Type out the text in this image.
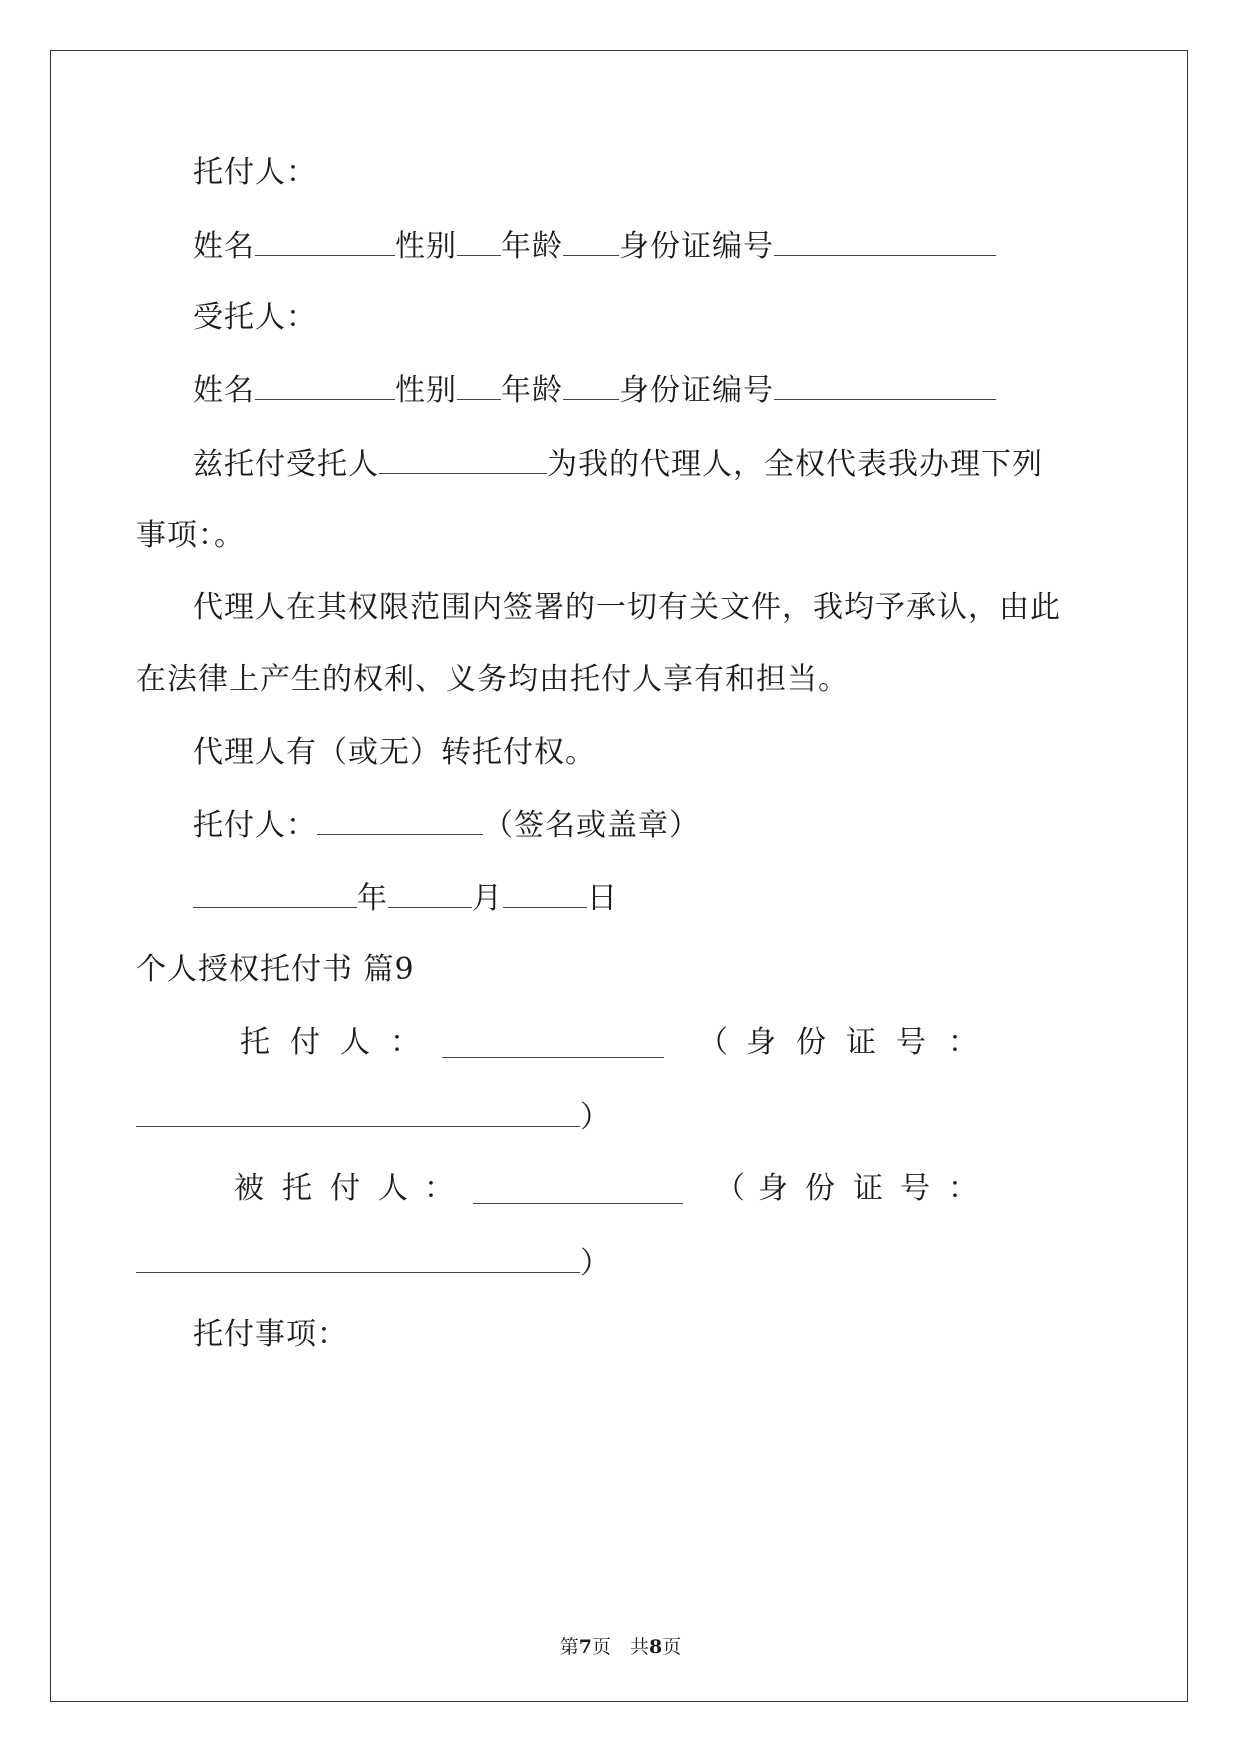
托付人：
姓名	性别 年龄 身份证编号
受托人：
姓名	性别 年龄 身份证编号
兹托付受托人	为我的代理人，全权代表我办理下列
事项：。
代理人在其权限范围内签署的一切有关文件，我均予承认，由此
在法律上产生的权利、义务均由托付人享有和担当。
代理人有（或无）转托付权。
托付人：	（签名或盖章）
年	月	日
个人授权托付书 篇9
托 付 人 ：	（ 身 份 证 号 ：
）
被 托 付 人 ：	（ 身 份 证 号 ：
）
托付事项：
第7页　共8页
